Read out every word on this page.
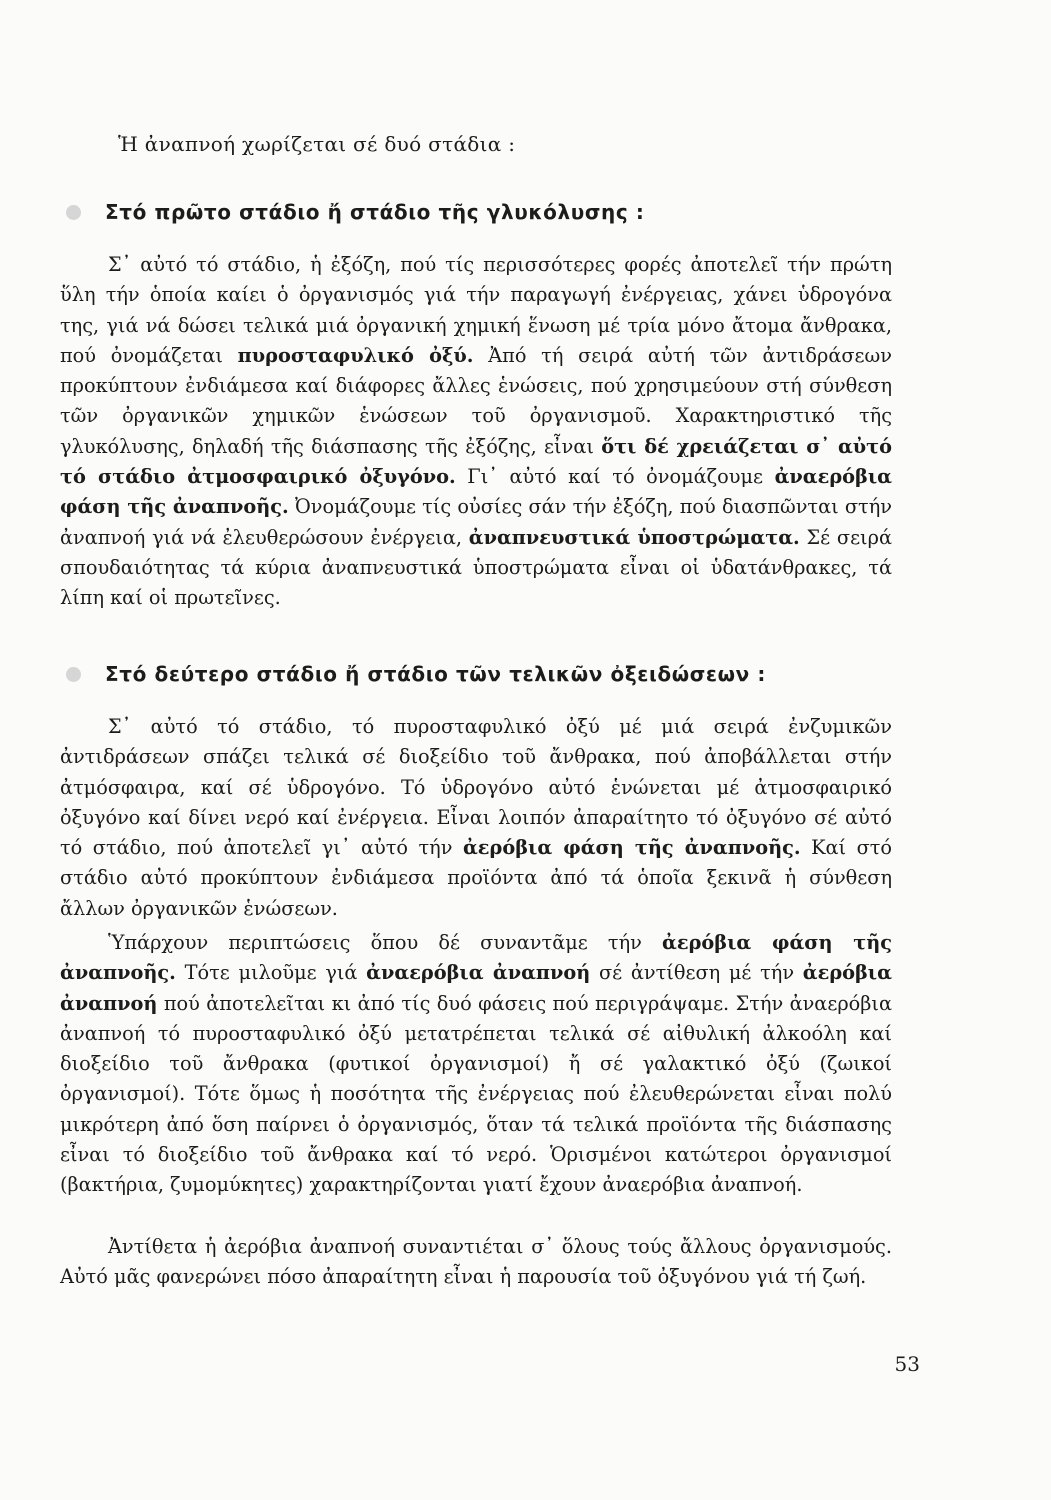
Ἡ ἀναπνοή χωρίζεται σέ δυό στάδια :

Στό πρῶτο στάδιο ἤ στάδιο τῆς γλυκόλυσης :

Σ᾿ αὐτό τό στάδιο, ἡ ἐξόζη, πού τίς περισσότερες φορές ἀποτελεῖ τήν πρώτη ὕλη τήν ὁποία καίει ὁ ὀργανισμός γιά τήν παραγωγή ἐνέργειας, χάνει ὑδρογόνα της, γιά νά δώσει τελικά μιά ὀργανική χημική ἕνωση μέ τρία μόνο ἄτομα ἄνθρακα, πού ὀνομάζεται πυροσταφυλικό ὀξύ. Ἀπό τή σειρά αὐτή τῶν ἀντιδράσεων προκύπτουν ἐνδιάμεσα καί διάφορες ἄλλες ἑνώσεις, πού χρησιμεύουν στή σύνθεση τῶν ὀργανικῶν χημικῶν ἑνώσεων τοῦ ὀργανισμοῦ. Χαρακτηριστικό τῆς γλυκόλυσης, δηλαδή τῆς διάσπασης τῆς ἐξόζης, εἶναι ὅτι δέ χρειάζεται σ᾿ αὐτό τό στάδιο ἀτμοσφαιρικό ὀξυγόνο. Γι᾿ αὐτό καί τό ὀνομάζουμε ἀναερόβια φάση τῆς ἀναπνοῆς. Ὀνομάζουμε τίς οὐσίες σάν τήν ἐξόζη, πού διασπῶνται στήν ἀναπνοή γιά νά ἐλευθερώσουν ἐνέργεια, ἀναπνευστικά ὑποστρώματα. Σέ σειρά σπουδαιότητας τά κύρια ἀναπνευστικά ὑποστρώματα εἶναι οἱ ὑδατάνθρακες, τά λίπη καί οἱ πρωτεῖνες.

Στό δεύτερο στάδιο ἤ στάδιο τῶν τελικῶν ὀξειδώσεων :

Σ᾿ αὐτό τό στάδιο, τό πυροσταφυλικό ὀξύ μέ μιά σειρά ἐνζυμικῶν ἀντιδράσεων σπάζει τελικά σέ διοξείδιο τοῦ ἄνθρακα, πού ἀποβάλλεται στήν ἀτμόσφαιρα, καί σέ ὑδρογόνο. Τό ὑδρογόνο αὐτό ἑνώνεται μέ ἀτμοσφαιρικό ὀξυγόνο καί δίνει νερό καί ἐνέργεια. Εἶναι λοιπόν ἀπαραίτητο τό ὀξυγόνο σέ αὐτό τό στάδιο, πού ἀποτελεῖ γι᾿ αὐτό τήν ἀερόβια φάση τῆς ἀναπνοῆς. Καί στό στάδιο αὐτό προκύπτουν ἐνδιάμεσα προϊόντα ἀπό τά ὁποῖα ξεκινᾶ ἡ σύνθεση ἄλλων ὀργανικῶν ἑνώσεων.

Ὑπάρχουν περιπτώσεις ὅπου δέ συναντᾶμε τήν ἀερόβια φάση τῆς ἀναπνοῆς. Τότε μιλοῦμε γιά ἀναερόβια ἀναπνοή σέ ἀντίθεση μέ τήν ἀερόβια ἀναπνοή πού ἀποτελεῖται κι ἀπό τίς δυό φάσεις πού περιγράψαμε. Στήν ἀναερόβια ἀναπνοή τό πυροσταφυλικό ὀξύ μετατρέπεται τελικά σέ αἰθυλική ἀλκοόλη καί διοξείδιο τοῦ ἄνθρακα (φυτικοί ὀργανισμοί) ἤ σέ γαλακτικό ὀξύ (ζωικοί ὀργανισμοί). Τότε ὅμως ἡ ποσότητα τῆς ἐνέργειας πού ἐλευθερώνεται εἶναι πολύ μικρότερη ἀπό ὅση παίρνει ὁ ὀργανισμός, ὅταν τά τελικά προϊόντα τῆς διάσπασης εἶναι τό διοξείδιο τοῦ ἄνθρακα καί τό νερό. Ὁρισμένοι κατώτεροι ὀργανισμοί (βακτήρια, ζυμομύκητες) χαρακτηρίζονται γιατί ἔχουν ἀναερόβια ἀναπνοή.

Ἀντίθετα ἡ ἀερόβια ἀναπνοή συναντιέται σ᾿ ὅλους τούς ἄλλους ὀργανισμούς. Αὐτό μᾶς φανερώνει πόσο ἀπαραίτητη εἶναι ἡ παρουσία τοῦ ὀξυγόνου γιά τή ζωή.

53
